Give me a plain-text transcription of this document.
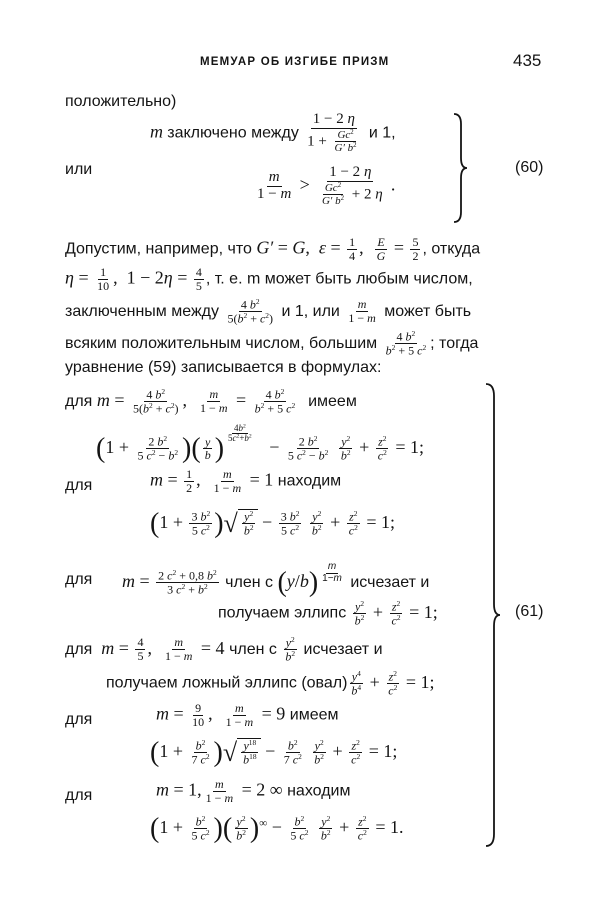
МЕМУАР ОБ ИЗГИБЕ ПРИЗМ	435
положительно)
m заключено между $\frac{1 - 2 \eta}{1 + \frac{Gc^2}{G' b^2}}$ и 1,
или
$\frac{m}{1 - m} > \frac{1 - 2 \eta}{\frac{Gc^2}{G' b^2} + 2 \eta}$ .
(60)
Допустим, например, что G′ = G,  $\varepsilon = \frac{1}{4}$ , $\frac{E}{G} = \frac{5}{2}$ , откуда
$\eta = \frac{1}{10}$ ,  $1 - 2\eta = \frac{4}{5}$ , т. е. m может быть любым числом,
заключенным между $\frac{4 b^2}{5(b^2 + c^2)}$ и 1, или $\frac{m}{1 - m}$ может быть
всяким положительным числом, большим $\frac{4 b^2}{b^2 + 5 c^2}$ ; тогда
уравнение (59) записывается в формулах:
для $m = \frac{4 b^2}{5(b^2 + c^2)}$ , $\frac{m}{1 - m} = \frac{4 b^2}{b^2 + 5 c^2}$ имеем
($1 + \frac{2 b^2}{5 c^2 - b^2}$ )( $\frac{y}{b}$ ) $\frac{4b^2}{5c^2+b^2}$
− $\frac{2 b^2}{5 c^2 - b^2}$
$\frac{y^2}{b^2} + \frac{z^2}{c^2} = 1$;
для	$m = \frac{1}{2}$ , $\frac{m}{1 - m} = 1$ находим
($1 + \frac{3 b^2}{5 c^2}$ )√ $\frac{y^2}{b^2} - \frac{3 b^2}{5 c^2}$
$\frac{y^2}{b^2} + \frac{z^2}{c^2} = 1$;
для $m = \frac{2 c^2 + 0,8 b^2}{3 c^2 + b^2}$ член с $(y/b) \frac{m}{1-m}$ исчезает и
получаем эллипс $\frac{y^2}{b^2} + \frac{z^2}{c^2} = 1$;
для $m = \frac{4}{5}$ , $\frac{m}{1 - m} = 4$ член с $\frac{y^2}{b^2}$ исчезает и
получаем ложный эллипс (овал) $\frac{y^4}{b^4} + \frac{z^2}{c^2} = 1$;
для	$m = \frac{9}{10}$ , $\frac{m}{1 - m} = 9$ имеем
($1 + \frac{b^2}{7 c^2}$ )√ $\frac{y^{18}}{b^{18}} - \frac{b^2}{7 c^2}$
$\frac{y^2}{b^2} + \frac{z^2}{c^2} = 1$;
для	m = 1, $\frac{m}{1 - m} = 2$ ∞ находим
($1 + \frac{b^2}{5 c^2}$ )( $\frac{y^2}{b^2} )^\infty - \frac{b^2}{5 c^2}$
$\frac{y^2}{b^2} + \frac{z^2}{c^2} = 1$.
(61)
